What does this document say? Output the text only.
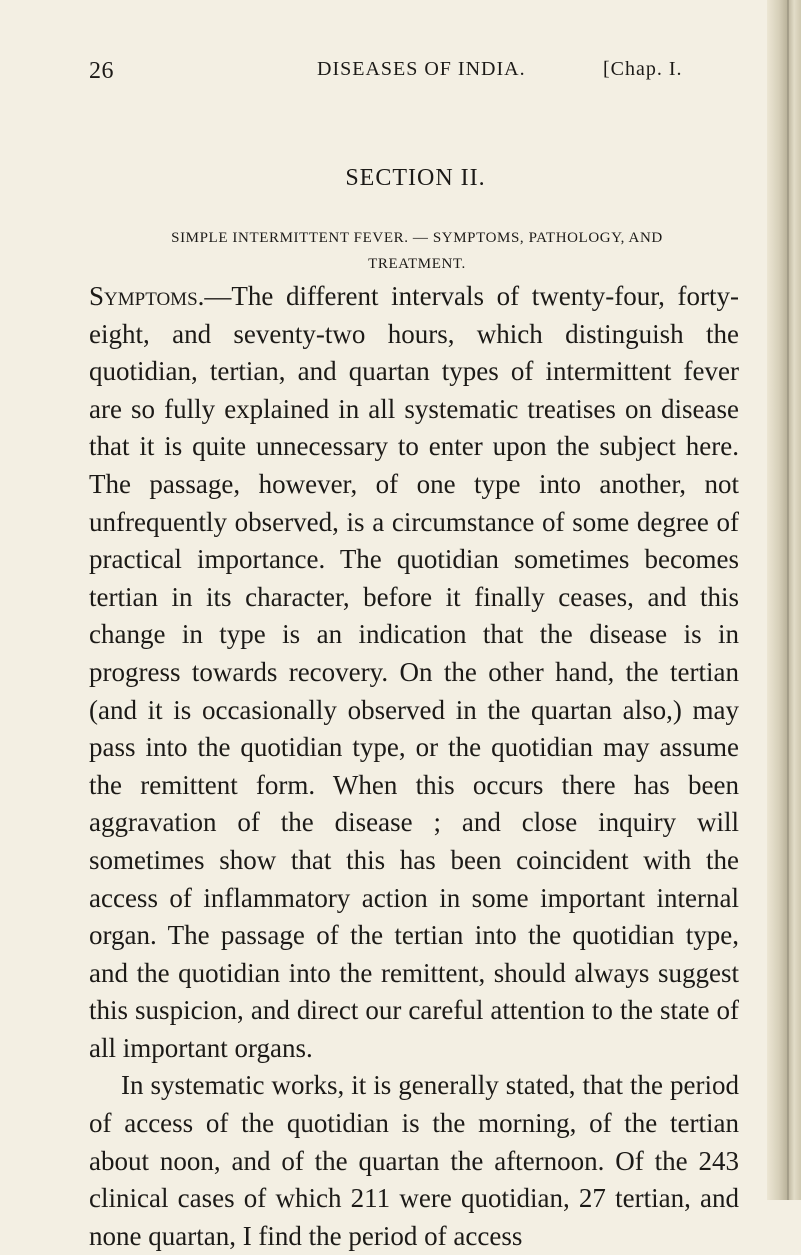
26	DISEASES OF INDIA.	[Chap. I.
SECTION II.
SIMPLE INTERMITTENT FEVER. — SYMPTOMS, PATHOLOGY, AND TREATMENT.

Symptoms.—The different intervals of twenty-four, forty-eight, and seventy-two hours, which distinguish the quotidian, tertian, and quartan types of intermittent fever are so fully explained in all systematic treatises on disease that it is quite unnecessary to enter upon the subject here. The passage, however, of one type into another, not unfrequently observed, is a circumstance of some degree of practical importance. The quotidian sometimes becomes tertian in its character, before it finally ceases, and this change in type is an indication that the disease is in progress towards recovery. On the other hand, the tertian (and it is occasionally observed in the quartan also,) may pass into the quotidian type, or the quotidian may assume the remittent form. When this occurs there has been aggravation of the disease ; and close inquiry will sometimes show that this has been coincident with the access of inflammatory action in some important internal organ. The passage of the tertian into the quotidian type, and the quotidian into the remittent, should always suggest this suspicion, and direct our careful attention to the state of all important organs.

In systematic works, it is generally stated, that the period of access of the quotidian is the morning, of the tertian about noon, and of the quartan the afternoon. Of the 243 clinical cases of which 211 were quotidian, 27 tertian, and none quartan, I find the period of access
